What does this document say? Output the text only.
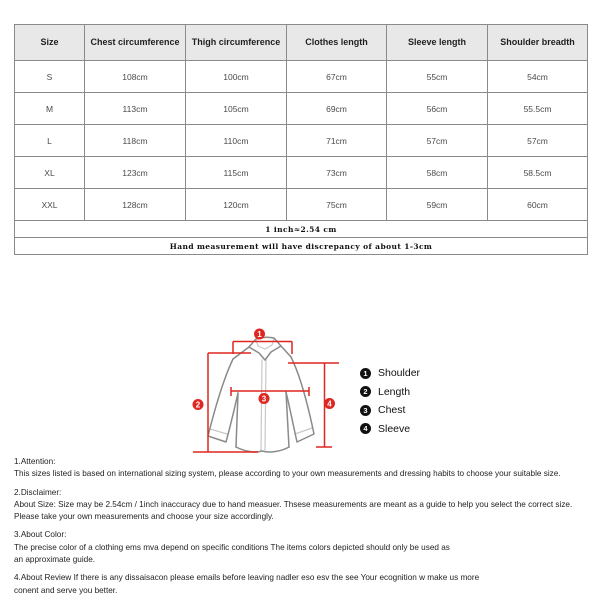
Size	Chest circumference	Thigh circumference	Clothes length	Sleeve length	Shoulder breadth
S	108cm	100cm	67cm	55cm	54cm
M	113cm	105cm	69cm	56cm	55.5cm
L	118cm	110cm	71cm	57cm	57cm
XL	123cm	115cm	73cm	58cm	58.5cm
XXL	128cm	120cm	75cm	59cm	60cm
1 inch≈2.54 cm					
Hand measurement will have discrepancy of about 1-3cm					
1
2
3
4
1 Shoulder
2 Length
3 Chest
4 Sleeve
1.Attention:
This sizes listed is based on international sizing system, please according to your own measurements and dressing habits to choose your suitable size.
2.Disclaimer:
About Size: Size may be 2.54cm / 1inch inaccuracy due to hand measuer. Thsese measurements are meant as a guide to help you select the correct size.
Please take your own measurements and choose your size accordingly.
3.About Color:
The precise color of a clothing ems mva depend on specific conditions The items colors depicted should only be used as
an approximate guide.
4.About Review If there is any dissaisacon please emails before leaving nadler eso esv the see Your ecognition w make us more
conent and serve you better.
